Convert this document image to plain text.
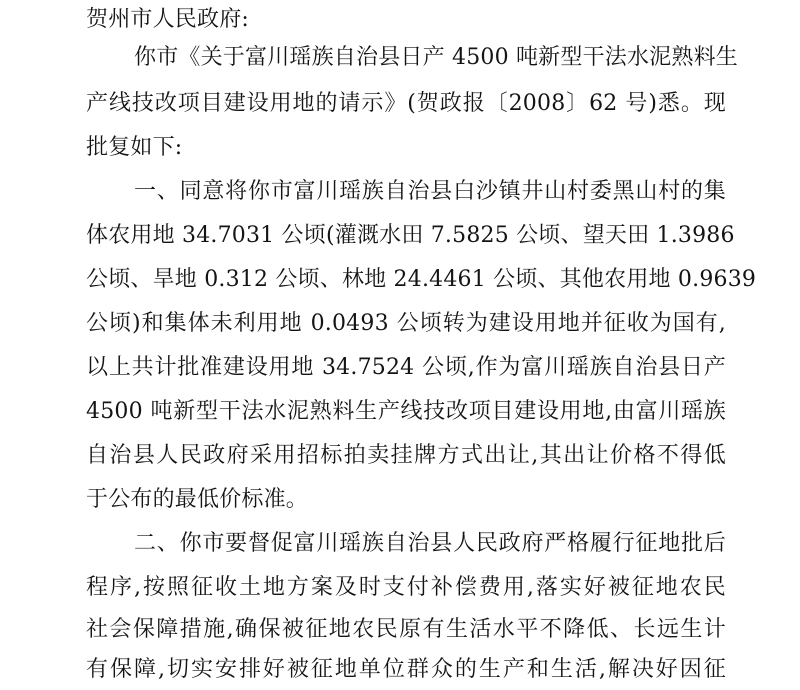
贺州市人民政府:
你市《关于富川瑶族自治县日产 4500 吨新型干法水泥熟料生
产线技改项目建设用地的请示》(贺政报〔2008〕62 号)悉。现
批复如下:
一、同意将你市富川瑶族自治县白沙镇井山村委黑山村的集
体农用地 34.7031 公顷(灌溉水田 7.5825 公顷、望天田 1.3986
公顷、旱地 0.312 公顷、林地 24.4461 公顷、其他农用地 0.9639
公顷)和集体未利用地 0.0493 公顷转为建设用地并征收为国有,
以上共计批准建设用地 34.7524 公顷,作为富川瑶族自治县日产
4500 吨新型干法水泥熟料生产线技改项目建设用地,由富川瑶族
自治县人民政府采用招标拍卖挂牌方式出让,其出让价格不得低
于公布的最低价标准。
二、你市要督促富川瑶族自治县人民政府严格履行征地批后
程序,按照征收土地方案及时支付补偿费用,落实好被征地农民
社会保障措施,确保被征地农民原有生活水平不降低、长远生计
有保障,切实安排好被征地单位群众的生产和生活,解决好因征
